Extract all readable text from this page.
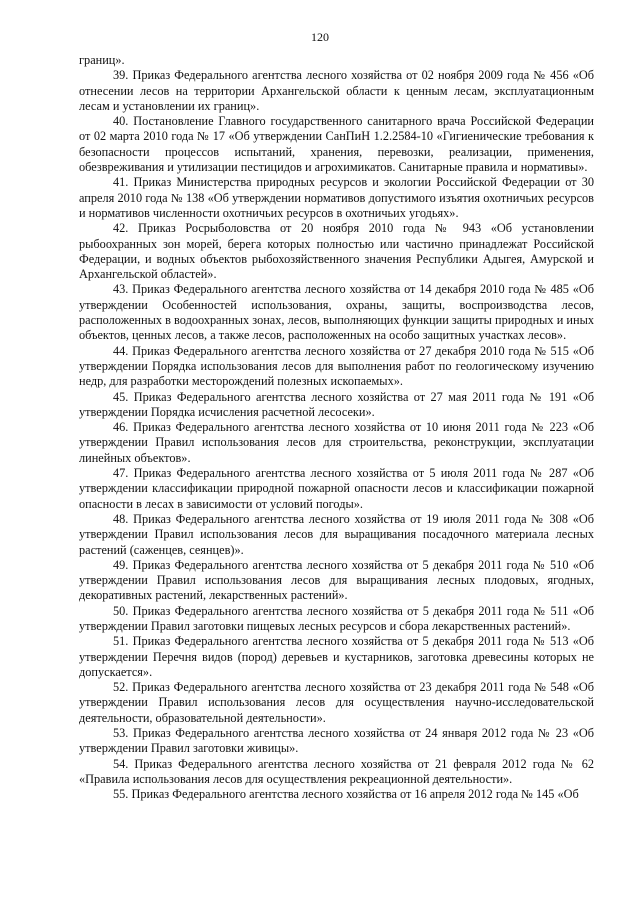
120

границ».

39. Приказ Федерального агентства лесного хозяйства от 02 ноября 2009 года № 456 «Об отнесении лесов на территории Архангельской области к ценным лесам, эксплуатационным лесам и установлении их границ».

40. Постановление Главного государственного санитарного врача Российской Федерации от 02 марта 2010 года № 17 «Об утверждении СанПиН 1.2.2584-10 «Гигиенические требования к безопасности процессов испытаний, хранения, перевозки, реализации, применения, обезвреживания и утилизации пестицидов и агрохимикатов. Санитарные правила и нормативы».

41. Приказ Министерства природных ресурсов и экологии Российской Федерации от 30 апреля 2010 года № 138 «Об утверждении нормативов допустимого изъятия охотничьих ресурсов и нормативов численности охотничьих ресурсов в охотничьих угодьях».

42. Приказ Росрыболовства от 20 ноября 2010 года № 943 «Об установлении рыбоохранных зон морей, берега которых полностью или частично принадлежат Российской Федерации, и водных объектов рыбохозяйственного значения Республики Адыгея, Амурской и Архангельской областей».

43. Приказ Федерального агентства лесного хозяйства от 14 декабря 2010 года № 485 «Об утверждении Особенностей использования, охраны, защиты, воспроизводства лесов, расположенных в водоохранных зонах, лесов, выполняющих функции защиты природных и иных объектов, ценных лесов, а также лесов, расположенных на особо защитных участках лесов».

44. Приказ Федерального агентства лесного хозяйства от 27 декабря 2010 года № 515 «Об утверждении Порядка использования лесов для выполнения работ по геологическому изучению недр, для разработки месторождений полезных ископаемых».

45. Приказ Федерального агентства лесного хозяйства от 27 мая 2011 года № 191 «Об утверждении Порядка исчисления расчетной лесосеки».

46. Приказ Федерального агентства лесного хозяйства от 10 июня 2011 года № 223 «Об утверждении Правил использования лесов для строительства, реконструкции, эксплуатации линейных объектов».

47. Приказ Федерального агентства лесного хозяйства от 5 июля 2011 года № 287 «Об утверждении классификации природной пожарной опасности лесов и классификации пожарной опасности в лесах в зависимости от условий погоды».

48. Приказ Федерального агентства лесного хозяйства от 19 июля 2011 года № 308 «Об утверждении Правил использования лесов для выращивания посадочного материала лесных растений (саженцев, сеянцев)».

49. Приказ Федерального агентства лесного хозяйства от 5 декабря 2011 года № 510 «Об утверждении Правил использования лесов для выращивания лесных плодовых, ягодных, декоративных растений, лекарственных растений».

50. Приказ Федерального агентства лесного хозяйства от 5 декабря 2011 года № 511 «Об утверждении Правил заготовки пищевых лесных ресурсов и сбора лекарственных растений».

51. Приказ Федерального агентства лесного хозяйства от 5 декабря 2011 года № 513 «Об утверждении Перечня видов (пород) деревьев и кустарников, заготовка древесины которых не допускается».

52. Приказ Федерального агентства лесного хозяйства от 23 декабря 2011 года № 548 «Об утверждении Правил использования лесов для осуществления научно-исследовательской деятельности, образовательной деятельности».

53. Приказ Федерального агентства лесного хозяйства от 24 января 2012 года № 23 «Об утверждении Правил заготовки живицы».

54. Приказ Федерального агентства лесного хозяйства от 21 февраля 2012 года № 62 «Правила использования лесов для осуществления рекреационной деятельности».

55. Приказ Федерального агентства лесного хозяйства от 16 апреля 2012 года № 145 «Об
